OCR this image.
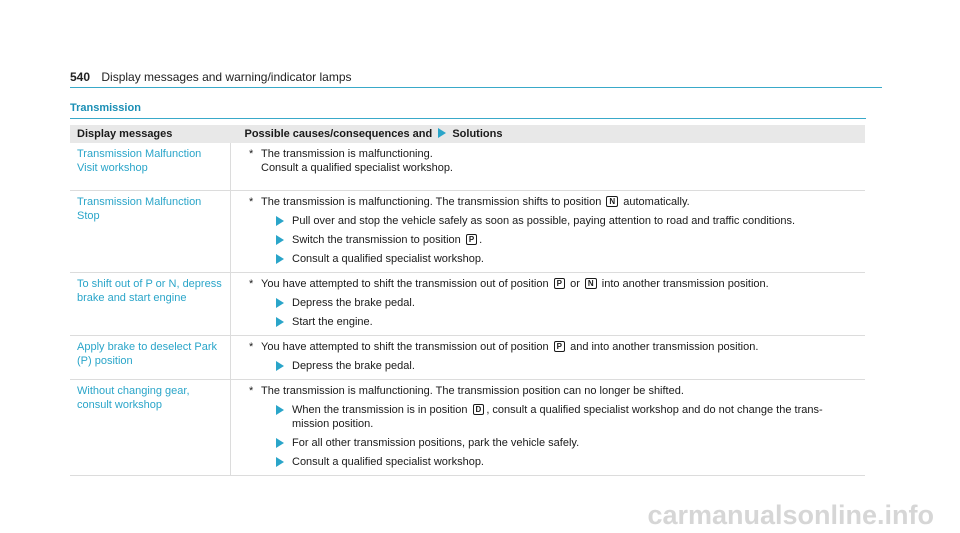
540 Display messages and warning/indicator lamps
Transmission
Display messages	Possible causes/consequences and Solutions
Transmission Malfunction Visit workshop	* The transmission is malfunctioning.
Consult a qualified specialist workshop.

Transmission Malfunction Stop	* The transmission is malfunctioning. The transmission shifts to position N automatically.
Pull over and stop the vehicle safely as soon as possible, paying attention to road and traffic conditions.
Switch the transmission to position P .
Consult a qualified specialist workshop.

To shift out of P or N, depress brake and start engine	* You have attempted to shift the transmission out of position P or N into another transmission position.
Depress the brake pedal.
Start the engine.

Apply brake to deselect Park (P) position	* You have attempted to shift the transmission out of position P and into another transmission position.
Depress the brake pedal.

Without changing gear, consult workshop	* The transmission is malfunctioning. The transmission position can no longer be shifted.
When the transmission is in position D , consult a qualified specialist workshop and do not change the trans- mission position.
For all other transmission positions, park the vehicle safely.
Consult a qualified specialist workshop.
carmanualsonline.info
